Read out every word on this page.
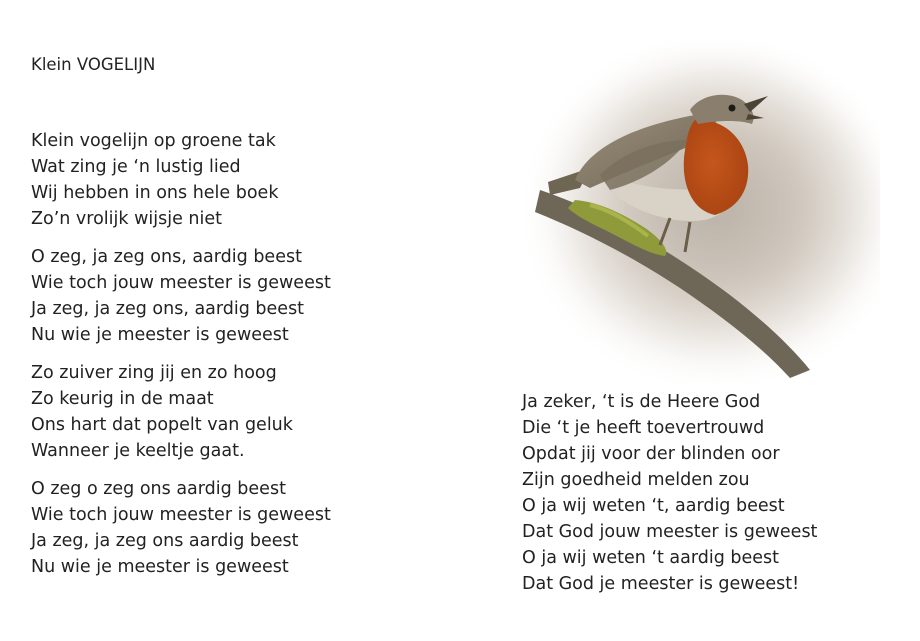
Klein VOGELIJN
Klein vogelijn op groene tak
Wat zing je ‘n lustig lied
Wij hebben in ons hele boek
Zo’n vrolijk wijsje niet
O zeg, ja zeg ons, aardig beest
Wie toch jouw meester is geweest
Ja zeg, ja zeg ons, aardig beest
Nu wie je meester is geweest
Zo zuiver zing jij en zo hoog
Zo keurig in de maat
Ons hart dat popelt van geluk
Wanneer je keeltje gaat.
O zeg o zeg ons aardig beest
Wie toch jouw meester is geweest
Ja zeg, ja zeg ons aardig beest
Nu wie je meester is geweest
Ja zeker, ‘t is de Heere God
Die ‘t je heeft toevertrouwd
Opdat jij voor der blinden oor
Zijn goedheid melden zou
O ja wij weten ‘t, aardig beest
Dat God jouw meester is geweest
O ja wij weten ‘t aardig beest
Dat God je meester is geweest!
